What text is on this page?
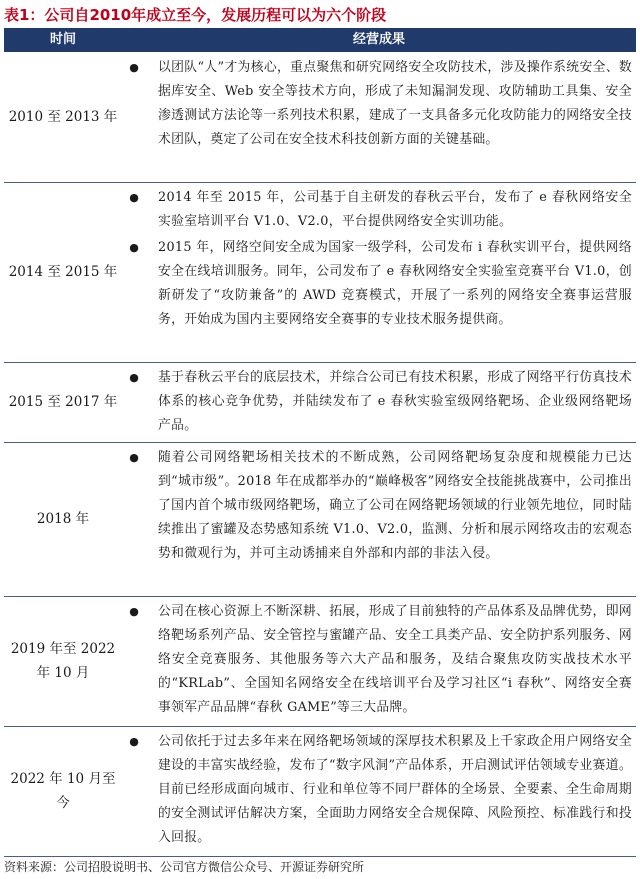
表1：公司自2010年成立至今，发展历程可以为六个阶段
时间	经营成果
2010 至 2013 年
●	以团队“人”才为核心，重点聚焦和研究网络安全攻防技术，涉及操作系统安全、数据库安全、Web 安全等技术方向，形成了未知漏洞发现、攻防辅助工具集、安全渗透测试方法论等一系列技术积累，建成了一支具备多元化攻防能力的网络安全技术团队，奠定了公司在安全技术科技创新方面的关键基础。
2014 至 2015 年
●	2014 年至 2015 年，公司基于自主研发的春秋云平台，发布了 e 春秋网络安全实验室培训平台 V1.0、V2.0，平台提供网络安全实训功能。
●	2015 年，网络空间安全成为国家一级学科，公司发布 i 春秋实训平台，提供网络安全在线培训服务。同年，公司发布了 e 春秋网络安全实验室竞赛平台 V1.0，创新研发了“攻防兼备”的 AWD 竞赛模式，开展了一系列的网络安全赛事运营服务，开始成为国内主要网络安全赛事的专业技术服务提供商。
2015 至 2017 年
●	基于春秋云平台的底层技术，并综合公司已有技术积累，形成了网络平行仿真技术体系的核心竞争优势，并陆续发布了 e 春秋实验室级网络靶场、企业级网络靶场产品。
2018 年
●	随着公司网络靶场相关技术的不断成熟，公司网络靶场复杂度和规模能力已达到“城市级”。2018 年在成都举办的“巅峰极客”网络安全技能挑战赛中，公司推出了国内首个城市级网络靶场，确立了公司在网络靶场领域的行业领先地位，同时陆续推出了蜜罐及态势感知系统 V1.0、V2.0，监测、分析和展示网络攻击的宏观态势和微观行为，并可主动诱捕来自外部和内部的非法入侵。
2019 年至 2022 年 10 月
●	公司在核心资源上不断深耕、拓展，形成了目前独特的产品体系及品牌优势，即网络靶场系列产品、安全管控与蜜罐产品、安全工具类产品、安全防护系列服务、网络安全竞赛服务、其他服务等六大产品和服务，及结合聚焦攻防实战技术水平的“KRLab”、全国知名网络安全在线培训平台及学习社区“i 春秋”、网络安全赛事领军产品品牌“春秋 GAME”等三大品牌。
2022 年 10 月至今
●	公司依托于过去多年来在网络靶场领域的深厚技术积累及上千家政企用户网络安全建设的丰富实战经验，发布了“数字风洞”产品体系，开启测试评估领域专业赛道。目前已经形成面向城市、行业和单位等不同尸群体的全场景、全要素、全生命周期的安全测试评估解决方案，全面助力网络安全合规保障、风险预控、标准践行和投入回报。
资料来源：公司招股说明书、公司官方微信公众号、开源证券研究所
